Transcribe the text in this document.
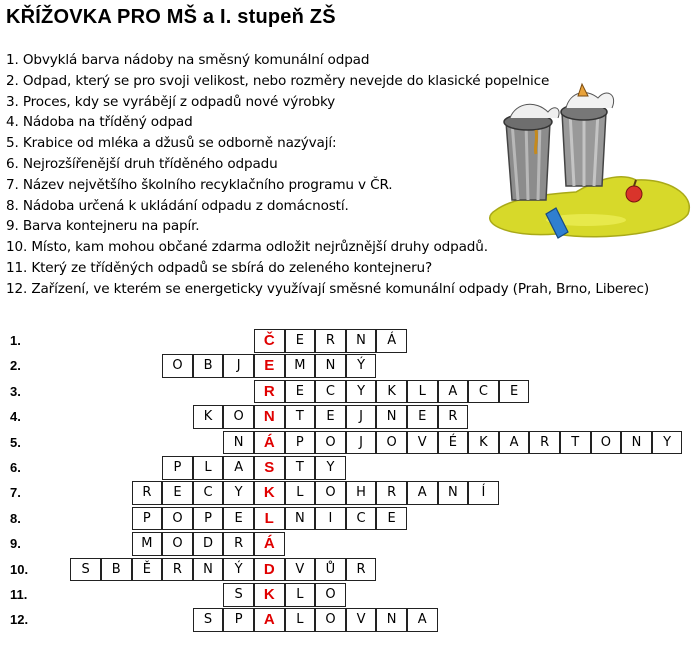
KŘÍŽOVKA PRO MŠ a I. stupeň ZŠ
1. Obvyklá barva nádoby na směsný komunální odpad
2. Odpad, který se pro svoji velikost, nebo rozměry nevejde do klasické popelnice
3. Proces, kdy se vyrábějí z odpadů nové výrobky
4. Nádoba na tříděný odpad
5. Krabice od mléka a džusů se odborně nazývají:
6. Nejrozšířenější druh tříděného odpadu
7. Název největšího školního recyklačního programu v ČR.
8. Nádoba určená k ukládání odpadu z domácností.
9. Barva kontejneru na papír.
10. Místo, kam mohou občané zdarma odložit nejrůznější druhy odpadů.
11. Který ze tříděných odpadů se sbírá do zeleného kontejneru?
12. Zařízení, ve kterém se energeticky využívají směsné komunální odpady (Prah, Brno, Liberec)
1.	Č	E	R	N	Á
2.	O	B	J	E	M	N	Ý
3.	R	E	C	Y	K	L	A	C	E
4.	K	O	N	T	E	J	N	E	R
5.	N	Á	P	O	J	O	V	É	K	A	R	T	O	N	Y
6.	P	L	A	S	T	Y
7.	R	E	C	Y	K	L	O	H	R	A	N	Í
8.	P	O	P	E	L	N	I	C	E
9.	M	O	D	R	Á
10.	S	B	Ě	R	N	Ý	D	V	Ů	R
11.	S	K	L	O
12.	S	P	A	L	O	V	N	A
